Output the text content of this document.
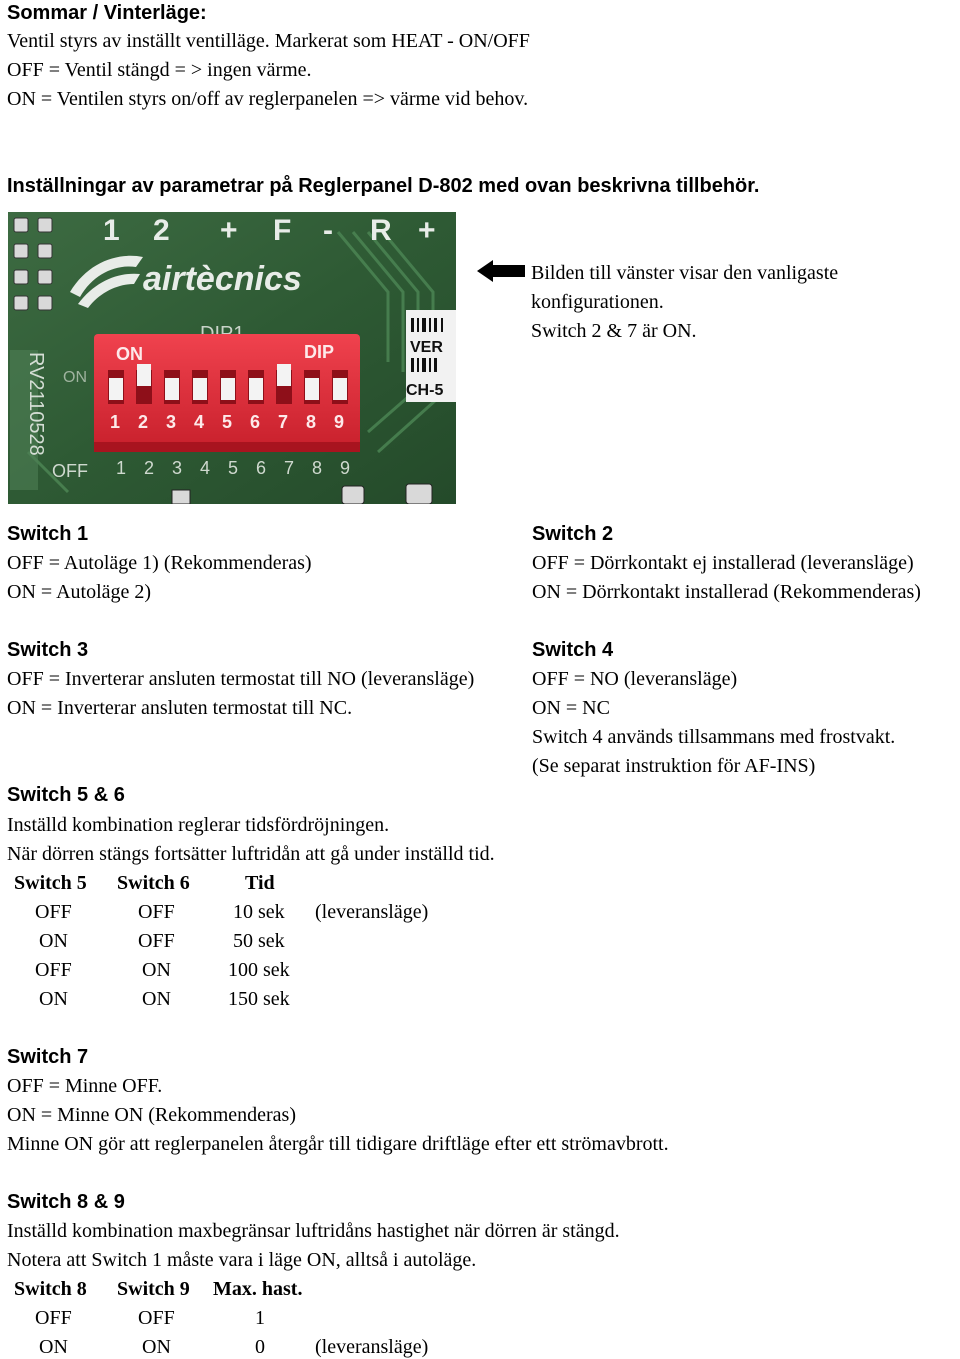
Sommar / Vinterläge:
Ventil styrs av inställt ventilläge. Markerat som HEAT - ON/OFF
OFF = Ventil stängd = > ingen värme.
ON = Ventilen styrs on/off av reglerpanelen => värme vid behov.
Inställningar av parametrar på Reglerpanel D-802 med ovan beskrivna tillbehör.
1 2 + F - R +
airtècnics
VER
CH-5
RV2110528 ON
ON	DIP
1 2 3 4 5 6 7 8 9
OFF 1 2 3 4 5 6 7 8 9
Bilden till vänster visar den vanligaste
konfigurationen.
Switch 2 & 7 är ON.
Switch 1
OFF = Autoläge 1) (Rekommenderas)
ON = Autoläge 2)
Switch 2
OFF = Dörrkontakt ej installerad (leveransläge)
ON = Dörrkontakt installerad (Rekommenderas)
Switch 3
OFF = Inverterar ansluten termostat till NO (leveransläge)
ON = Inverterar ansluten termostat till NC.
Switch 4
OFF = NO (leveransläge)
ON = NC
Switch 4 används tillsammans med frostvakt.
(Se separat instruktion för AF-INS)
Switch 5 & 6
Inställd kombination reglerar tidsfördröjningen.
När dörren stängs fortsätter luftridån att gå under inställd tid.
Switch 5 Switch 6	Tid
OFF	OFF	10 sek (leveransläge)
ON	OFF	50 sek
OFF	ON	100 sek
ON	ON	150 sek
Switch 7
OFF = Minne OFF.
ON = Minne ON (Rekommenderas)
Minne ON gör att reglerpanelen återgår till tidigare driftläge efter ett strömavbrott.
Switch 8 & 9
Inställd kombination maxbegränsar luftridåns hastighet när dörren är stängd.
Notera att Switch 1 måste vara i läge ON, alltså i autoläge.
Switch 8 Switch 9 Max. hast.
OFF	OFF	1
ON	ON	0	(leveransläge)
